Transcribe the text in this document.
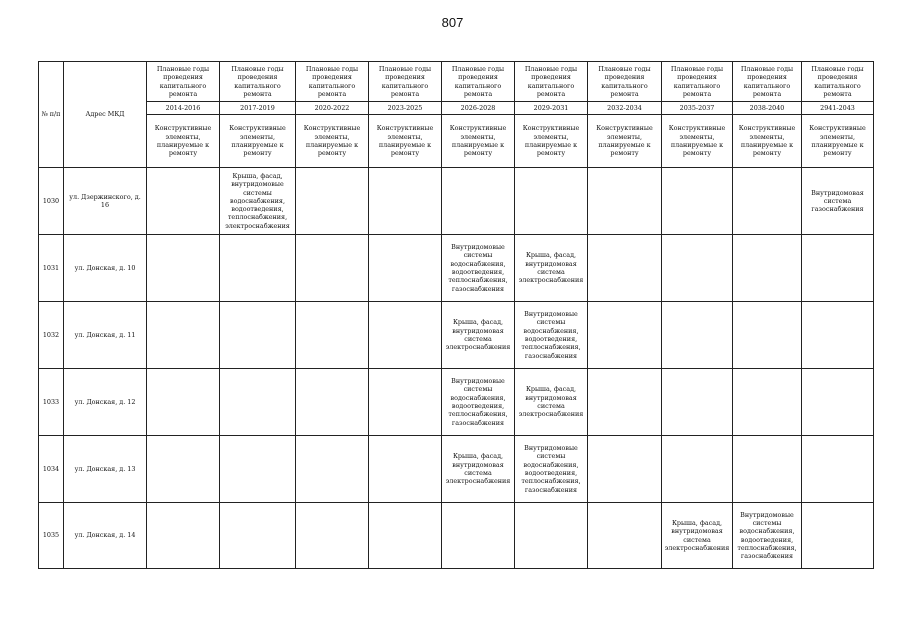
807
№ п/п	Адрес МКД	Плановые годы проведения капитального ремонта	Плановые годы проведения капитального ремонта	Плановые годы проведения капитального ремонта	Плановые годы проведения капитального ремонта	Плановые годы проведения капитального ремонта	Плановые годы проведения капитального ремонта	Плановые годы проведения капитального ремонта	Плановые годы проведения капитального ремонта	Плановые годы проведения капитального ремонта	Плановые годы проведения капитального ремонта
		2014-2016	2017-2019	2020-2022	2023-2025	2026-2028	2029-2031	2032-2034	2035-2037	2038-2040	2941-2043
		Конструктивные элементы, планируемые к ремонту	Конструктивные элементы, планируемые к ремонту	Конструктивные элементы, планируемые к ремонту	Конструктивные элементы, планируемые к ремонту	Конструктивные элементы, планируемые к ремонту	Конструктивные элементы, планируемые к ремонту	Конструктивные элементы, планируемые к ремонту	Конструктивные элементы, планируемые к ремонту	Конструктивные элементы, планируемые к ремонту	Конструктивные элементы, планируемые к ремонту
1030	ул. Дзержинского, д. 16		Крыша, фасад, внутридомовые системы водоснабжения, водоотведения, теплоснабжения, электроснабжения								Внутридомовая система газоснабжения
1031	ул. Донская, д. 10					Внутридомовые системы водоснабжения, водоотведения, теплоснабжения, газоснабжения	Крыша, фасад, внутридомовая система электроснабжения				
1032	ул. Донская, д. 11					Крыша, фасад, внутридомовая система электроснабжения	Внутридомовые системы водоснабжения, водоотведения, теплоснабжения, газоснабжения				
1033	ул. Донская, д. 12					Внутридомовые системы водоснабжения, водоотведения, теплоснабжения, газоснабжения	Крыша, фасад, внутридомовая система электроснабжения				
1034	ул. Донская, д. 13					Крыша, фасад, внутридомовая система электроснабжения	Внутридомовые системы водоснабжения, водоотведения, теплоснабжения, газоснабжения				
1035	ул. Донская, д. 14								Крыша, фасад, внутридомовая система электроснабжения	Внутридомовые системы водоснабжения, водоотведения, теплоснабжения, газоснабжения	
